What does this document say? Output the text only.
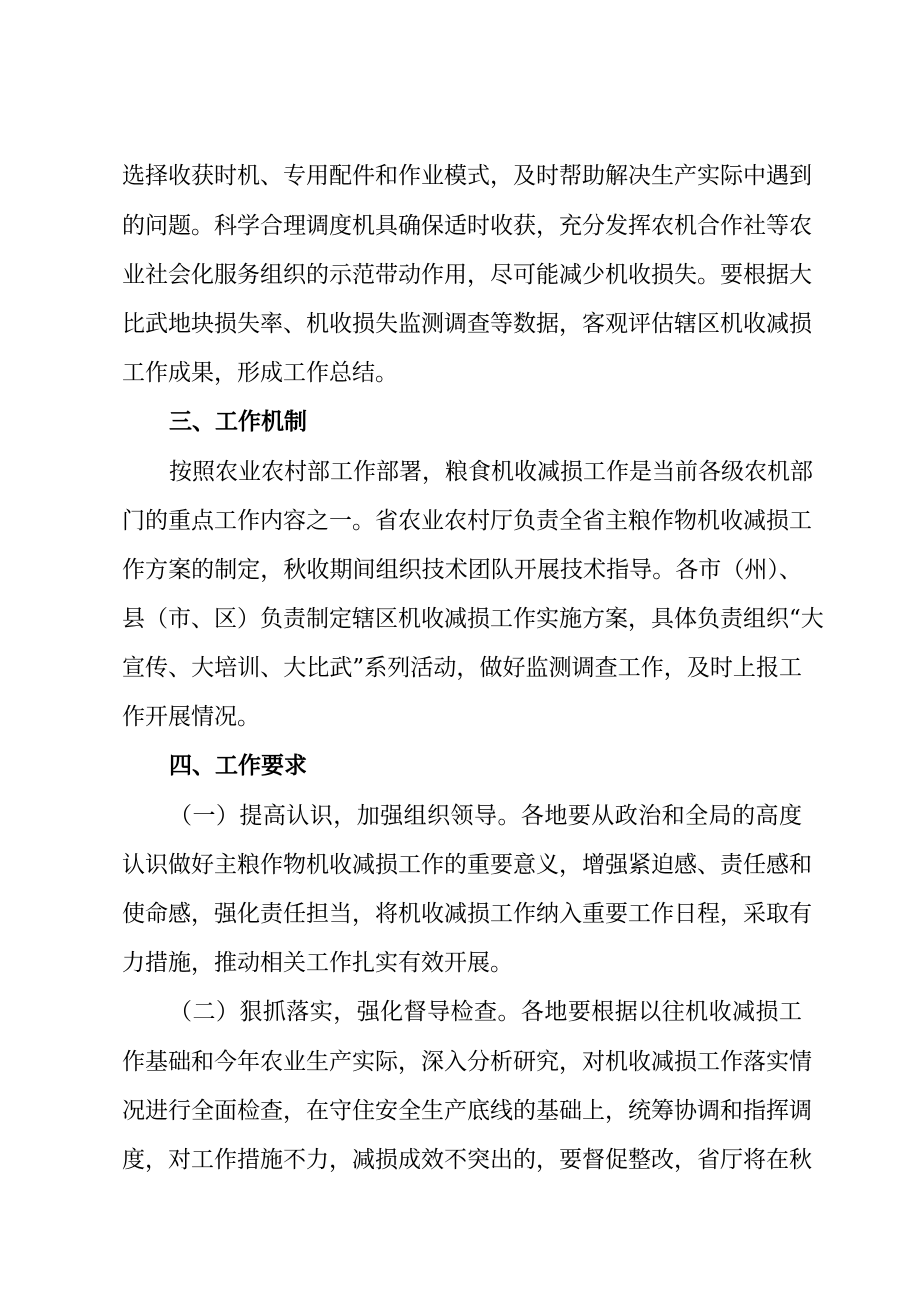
选择收获时机、专用配件和作业模式，及时帮助解决生产实际中遇到
的问题。科学合理调度机具确保适时收获，充分发挥农机合作社等农
业社会化服务组织的示范带动作用，尽可能减少机收损失。要根据大
比武地块损失率、机收损失监测调查等数据，客观评估辖区机收减损
工作成果，形成工作总结。
三、工作机制
按照农业农村部工作部署，粮食机收减损工作是当前各级农机部
门的重点工作内容之一。省农业农村厅负责全省主粮作物机收减损工
作方案的制定，秋收期间组织技术团队开展技术指导。各市（州）、
县（市、区）负责制定辖区机收减损工作实施方案，具体负责组织“大
宣传、大培训、大比武”系列活动，做好监测调查工作，及时上报工
作开展情况。
四、工作要求
（一）提高认识，加强组织领导。各地要从政治和全局的高度
认识做好主粮作物机收减损工作的重要意义，增强紧迫感、责任感和
使命感，强化责任担当，将机收减损工作纳入重要工作日程，采取有
力措施，推动相关工作扎实有效开展。
（二）狠抓落实，强化督导检查。各地要根据以往机收减损工
作基础和今年农业生产实际，深入分析研究，对机收减损工作落实情
况进行全面检查，在守住安全生产底线的基础上，统筹协调和指挥调
度，对工作措施不力，减损成效不突出的，要督促整改，省厅将在秋
